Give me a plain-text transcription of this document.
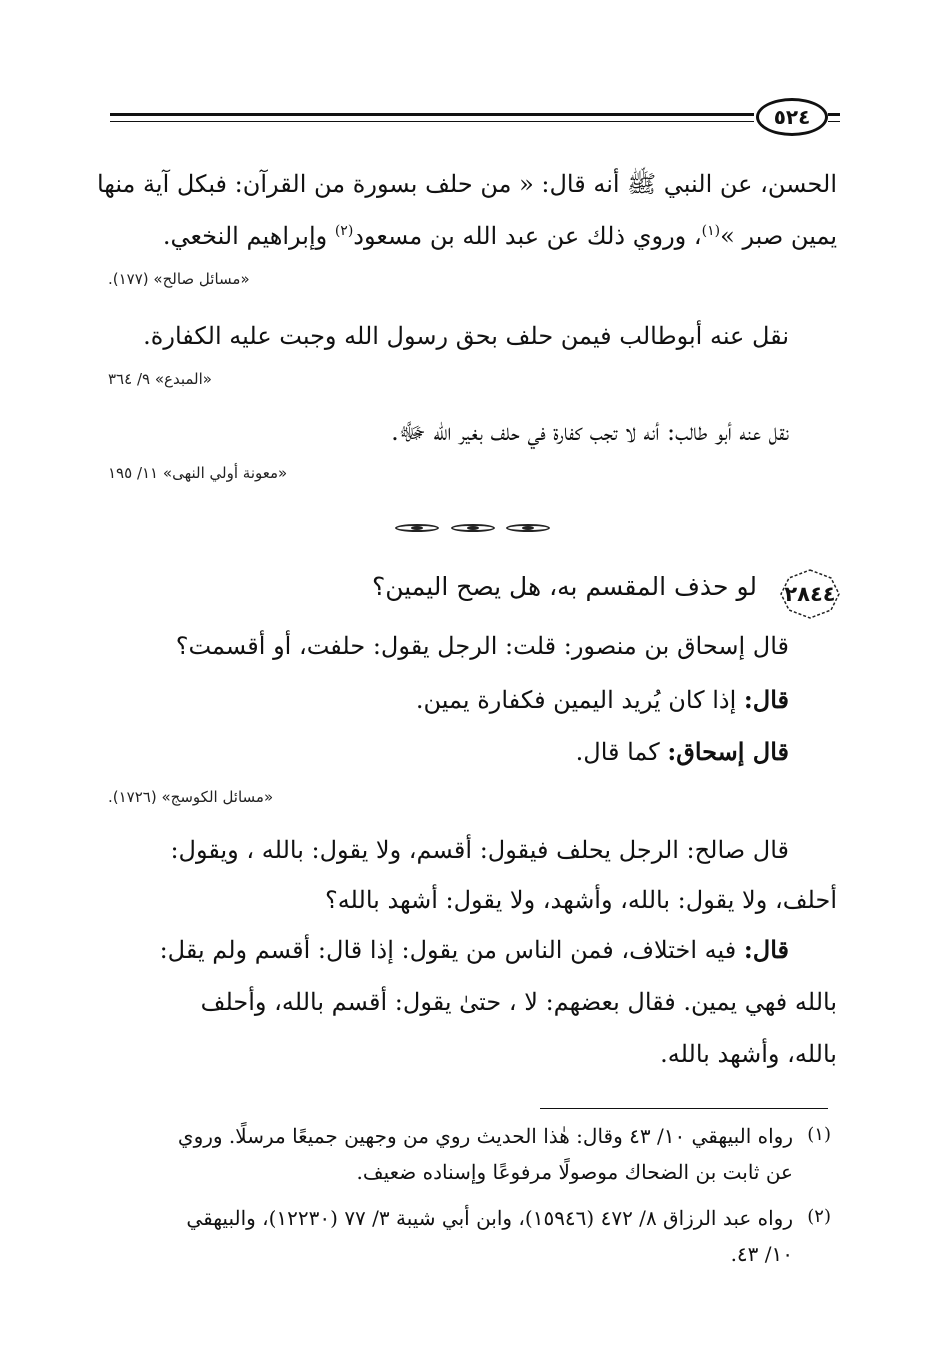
٥٢٤
الحسن، عن النبي ﷺ أنه قال: « من حلف بسورة من القرآن: فبكل آية منها
يمين صبر »$^{(١)}$، وروي ذلك عن عبد الله بن مسعود$^{(٢)}$ وإبراهيم النخعي.
«مسائل صالح» (١٧٧).
نقل عنه أبوطالب فيمن حلف بحق رسول الله وجبت عليه الكفارة.
«المبدع» ٩/ ٣٦٤
نقل عنه أبو طالب: أنه لا تجب كفارة في حلف بغير الله ﷻ.
«معونة أولي النهى» ١١/ ١٩٥
٢٨٤٤
لو حذف المقسم به، هل يصح اليمين؟
قال إسحاق بن منصور: قلت: الرجل يقول: حلفت، أو أقسمت؟
قال: إذا كان يُريد اليمين فكفارة يمين.
قال إسحاق: كما قال.
«مسائل الكوسج» (١٧٢٦).
قال صالح: الرجل يحلف فيقول: أقسم، ولا يقول: بالله ، ويقول:
أحلف، ولا يقول: بالله، وأشهد، ولا يقول: أشهد بالله؟
قال: فيه اختلاف، فمن الناس من يقول: إذا قال: أقسم ولم يقل:
بالله فهي يمين. فقال بعضهم: لا ، حتىٰ يقول: أقسم بالله، وأحلف
بالله، وأشهد بالله.
(١)
رواه البيهقي ١٠/ ٤٣ وقال: هٰذا الحديث روي من وجهين جميعًا مرسلًا. وروي
عن ثابت بن الضحاك موصولًا مرفوعًا وإسناده ضعيف.
(٢)
رواه عبد الرزاق ٨/ ٤٧٢ (١٥٩٤٦)، وابن أبي شيبة ٣/ ٧٧ (١٢٢٣٠)، والبيهقي
١٠/ ٤٣.
